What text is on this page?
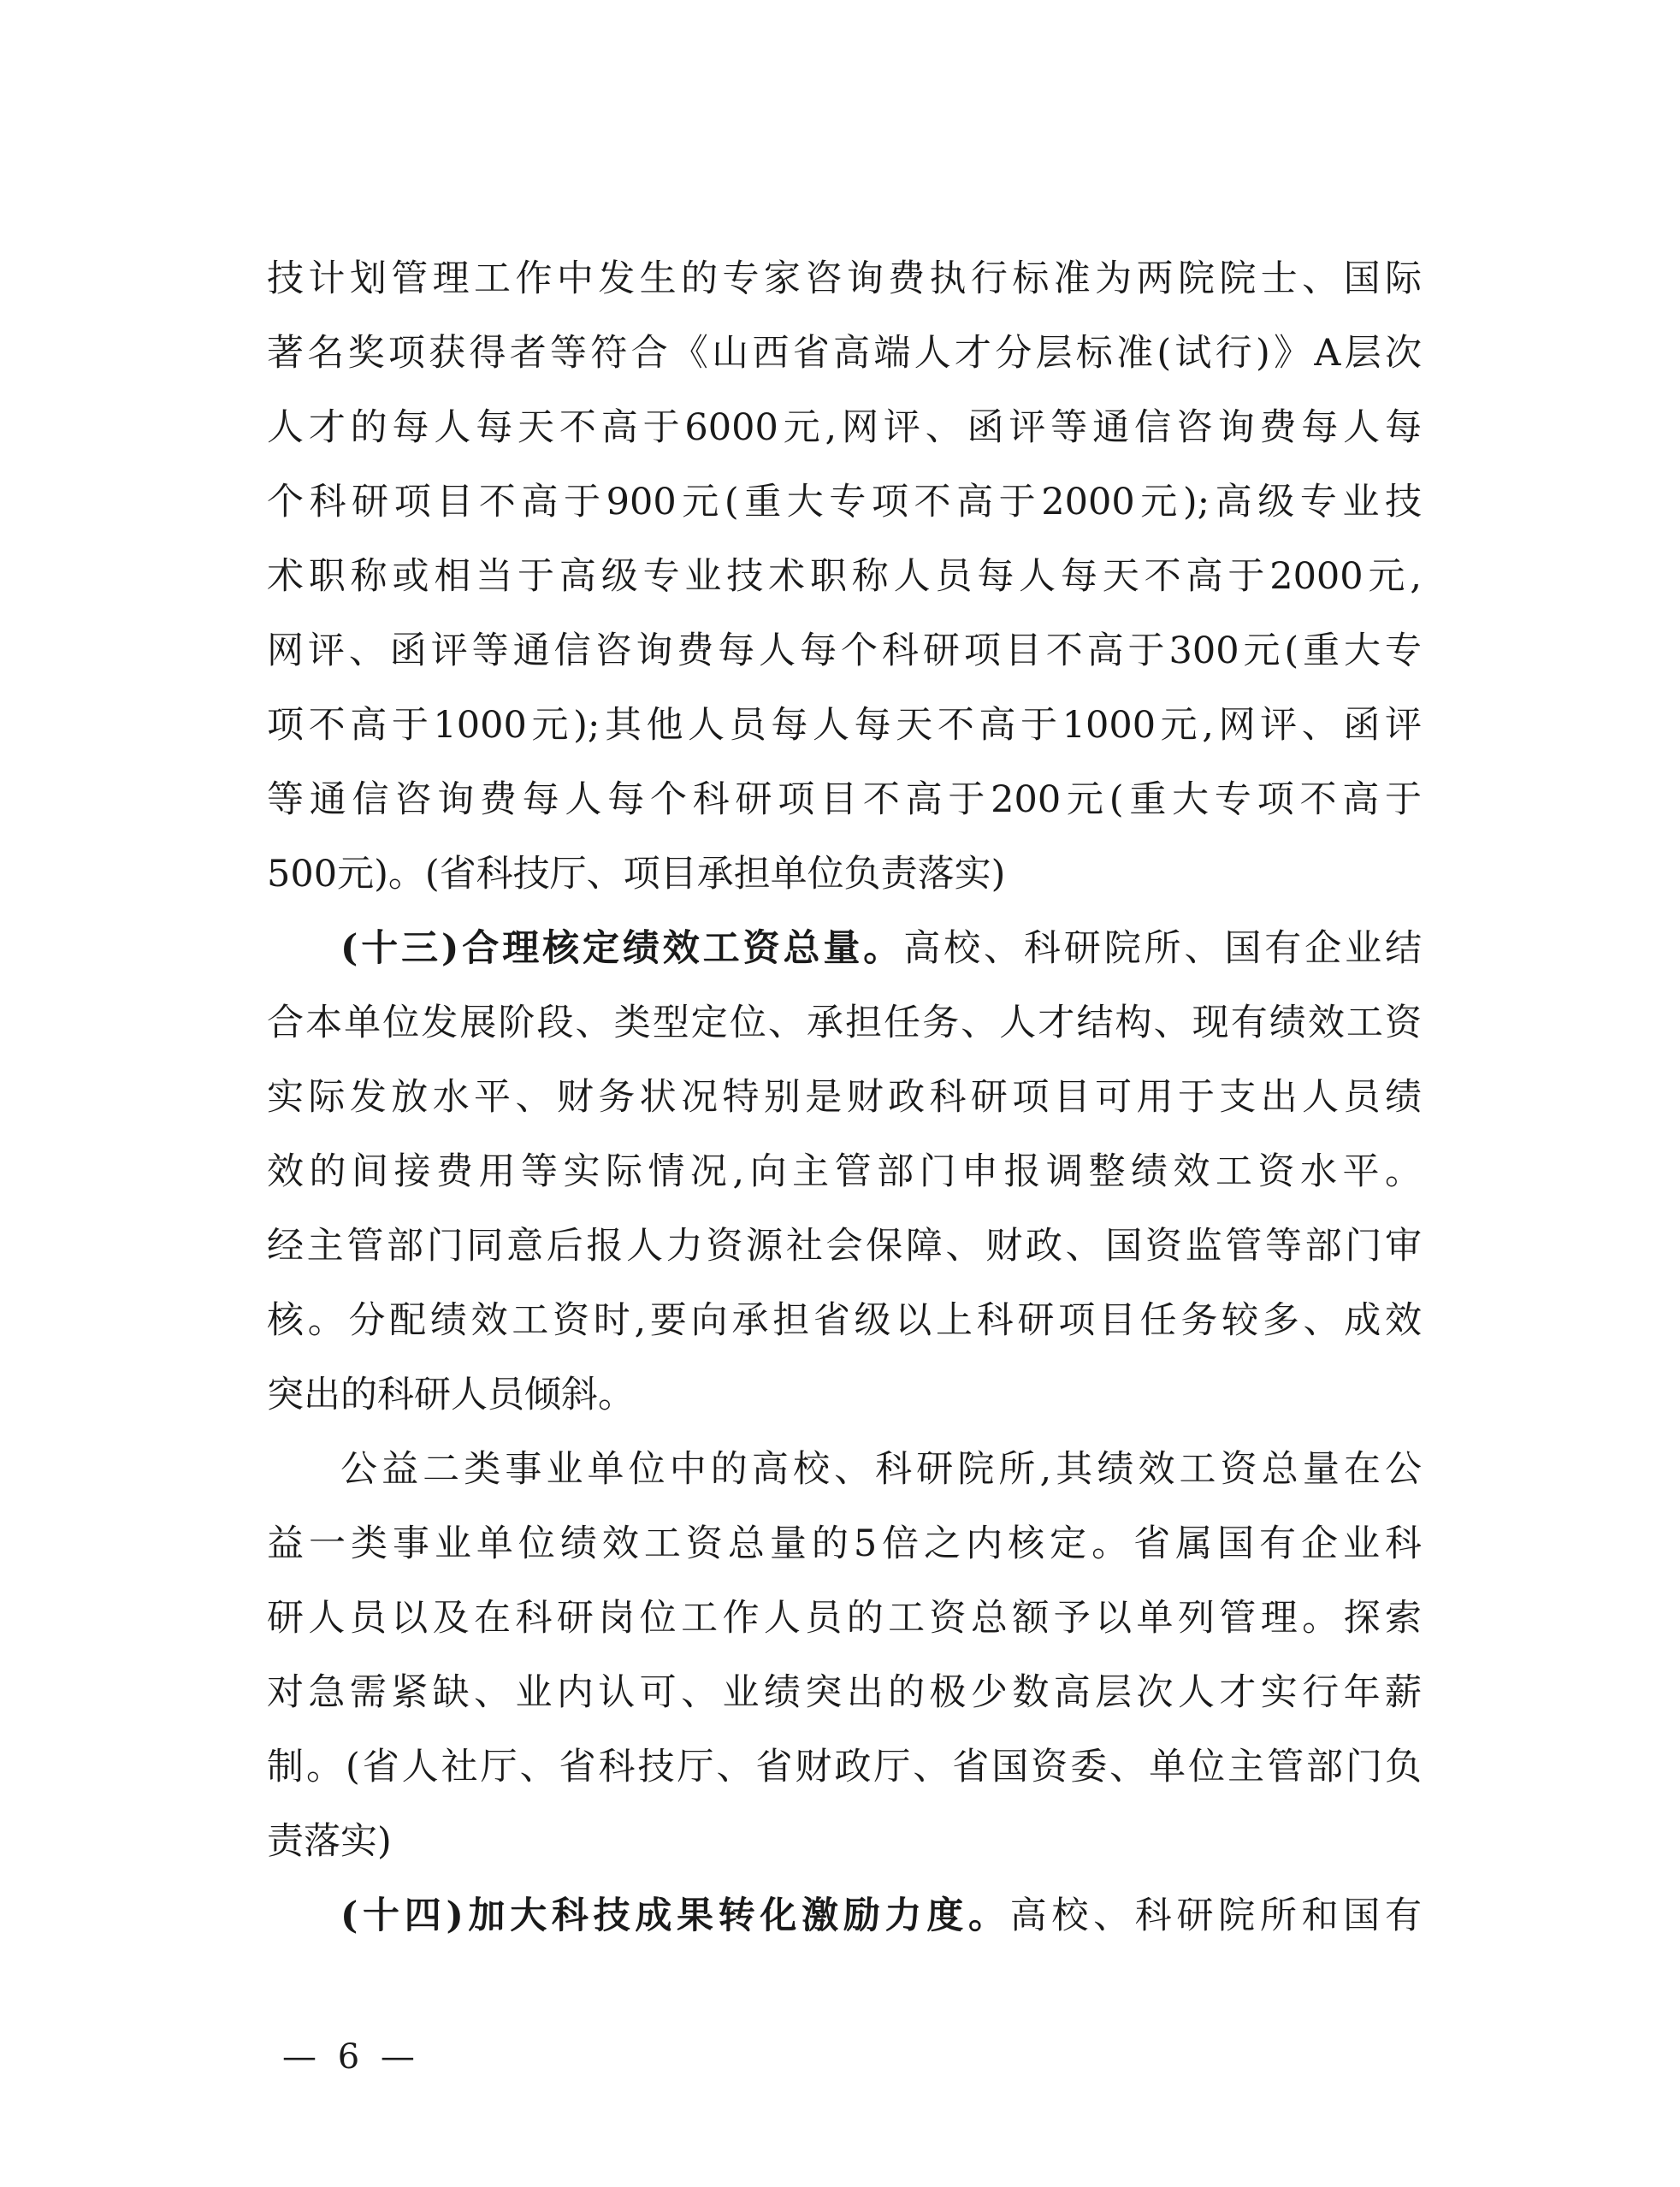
技计划管理工作中发生的专家咨询费执行标准为两院院士、国际
著名奖项获得者等符合《山西省高端人才分层标准(试行)》A层次
人才的每人每天不高于6000元,网评、函评等通信咨询费每人每
个科研项目不高于900元(重大专项不高于2000元);高级专业技
术职称或相当于高级专业技术职称人员每人每天不高于2000元,
网评、函评等通信咨询费每人每个科研项目不高于300元(重大专
项不高于1000元);其他人员每人每天不高于1000元,网评、函评
等通信咨询费每人每个科研项目不高于200元(重大专项不高于
500元)。(省科技厅、项目承担单位负责落实)
(十三)合理核定绩效工资总量。高校、科研院所、国有企业结
合本单位发展阶段、类型定位、承担任务、人才结构、现有绩效工资
实际发放水平、财务状况特别是财政科研项目可用于支出人员绩
效的间接费用等实际情况,向主管部门申报调整绩效工资水平。
经主管部门同意后报人力资源社会保障、财政、国资监管等部门审
核。分配绩效工资时,要向承担省级以上科研项目任务较多、成效
突出的科研人员倾斜。
公益二类事业单位中的高校、科研院所,其绩效工资总量在公
益一类事业单位绩效工资总量的5倍之内核定。省属国有企业科
研人员以及在科研岗位工作人员的工资总额予以单列管理。探索
对急需紧缺、业内认可、业绩突出的极少数高层次人才实行年薪
制。(省人社厅、省科技厅、省财政厅、省国资委、单位主管部门负
责落实)
(十四)加大科技成果转化激励力度。高校、科研院所和国有
— 6 —
